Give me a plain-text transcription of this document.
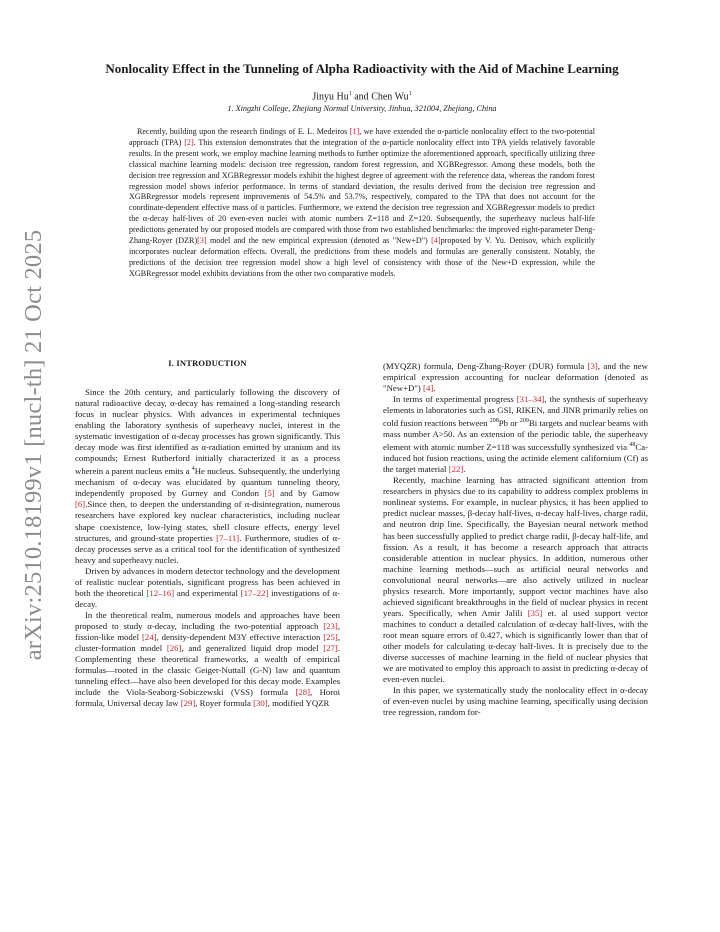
arXiv:2510.18199v1 [nucl-th] 21 Oct 2025
Nonlocality Effect in the Tunneling of Alpha Radioactivity with the Aid of Machine Learning

Jinyu Hu$^1$ and Chen Wu$^1$

1. Xingzhi College, Zhejiang Normal University, Jinhua, 321004, Zhejiang, China

Recently, building upon the research findings of E. L. Medeiros [1], we have extended the α-particle nonlocality effect to the two-potential approach (TPA) [2]. This extension demonstrates that the integration of the α-particle nonlocality effect into TPA yields relatively favorable results. In the present work, we employ machine learning methods to further optimize the aforementioned approach, specifically utilizing three classical machine learning models: decision tree regression, random forest regression, and XGBRegressor. Among these models, both the decision tree regression and XGBRegressor models exhibit the highest degree of agreement with the reference data, whereas the random forest regression model shows inferior performance. In terms of standard deviation, the results derived from the decision tree regression and XGBRegressor models represent improvements of 54.5% and 53.7%, respectively, compared to the TPA that does not account for the coordinate-dependent effective mass of α particles. Furthermore, we extend the decision tree regression and XGBRegressor models to predict the α-decay half-lives of 20 even-even nuclei with atomic numbers Z=118 and Z=120. Subsequently, the superheavy nucleus half-life predictions generated by our proposed models are compared with those from two established benchmarks: the improved eight-parameter Deng-Zhang-Royer (DZR)[3] model and the new empirical expression (denoted as "New+D") [4]proposed by V. Yu. Denisov, which explicitly incorporates nuclear deformation effects. Overall, the predictions from these models and formulas are generally consistent. Notably, the predictions of the decision tree regression model show a high level of consistency with those of the New+D expression, while the XGBRegressor model exhibits deviations from the other two comparative models.

I. INTRODUCTION

Since the 20th century, and particularly following the discovery of natural radioactive decay, α-decay has remained a long-standing research focus in nuclear physics. With advances in experimental techniques enabling the laboratory synthesis of superheavy nuclei, interest in the systematic investigation of α-decay processes has grown significantly. This decay mode was first identified as α-radiation emitted by uranium and its compounds; Ernest Rutherford initially characterized it as a process wherein a parent nucleus emits a $^4$He nucleus. Subsequently, the underlying mechanism of α-decay was elucidated by quantum tunneling theory, independently proposed by Gurney and Condon [5] and by Gamow [6].Since then, to deepen the understanding of α-disintegration, numerous researchers have explored key nuclear characteristics, including nuclear shape coexistence, low-lying states, shell closure effects, energy level structures, and ground-state properties [7–11]. Furthermore, studies of α-decay processes serve as a critical tool for the identification of synthesized heavy and superheavy nuclei.

Driven by advances in modern detector technology and the development of realistic nuclear potentials, significant progress has been achieved in both the theoretical [12–16] and experimental [17–22] investigations of α-decay.

In the theoretical realm, numerous models and approaches have been proposed to study α-decay, including the two-potential approach [23], fission-like model [24], density-dependent M3Y effective interaction [25], cluster-formation model [26], and generalized liquid drop model [27]. Complementing these theoretical frameworks, a wealth of empirical formulas—rooted in the classic Geiger-Nuttall (G-N) law and quantum tunneling effect—have also been developed for this decay mode. Examples include the Viola-Seaborg-Sobiczewski (VSS) formula [28], Horoi formula, Universal decay law [29], Royer formula [30], modified YQZR

(MYQZR) formula, Deng-Zhang-Royer (DUR) formula [3], and the new empirical expression accounting for nuclear deformation (denoted as "New+D") [4].

In terms of experimental progress [31–34], the synthesis of superheavy elements in laboratories such as GSI, RIKEN, and JINR primarily relies on cold fusion reactions between $^{208}$Pb or $^{209}$Bi targets and nuclear beams with mass number A>50. As an extension of the periodic table, the superheavy element with atomic number Z=118 was successfully synthesized via $^{48}$Ca-induced hot fusion reactions, using the actinide element californium (Cf) as the target material [22].

Recently, machine learning has attracted significant attention from researchers in physics due to its capability to address complex problems in nonlinear systems. For example, in nuclear physics, it has been applied to predict nuclear masses, β-decay half-lives, α-decay half-lives, charge radii, and neutron drip line. Specifically, the Bayesian neural network method has been successfully applied to predict charge radii, β-decay half-life, and fission. As a result, it has become a research approach that attracts considerable attention in nuclear physics. In addition, numerous other machine learning methods—such as artificial neural networks and convolutional neural networks—are also actively utilized in nuclear physics research. More importantly, support vector machines have also achieved significant breakthroughs in the field of nuclear physics in recent years. Specifically, when Amir Jalili [35] et. al used support vector machines to conduct a detailed calculation of α-decay half-lives, with the root mean square errors of 0.427, which is significantly lower than that of other models for calculating α-decay half-lives. It is precisely due to the diverse successes of machine learning in the field of nuclear physics that we are motivated to employ this approach to assist in predicting α-decay of even-even nuclei.

In this paper, we systematically study the nonlocality effect in α-decay of even-even nuclei by using machine learning, specifically using decision tree regression, random for-
